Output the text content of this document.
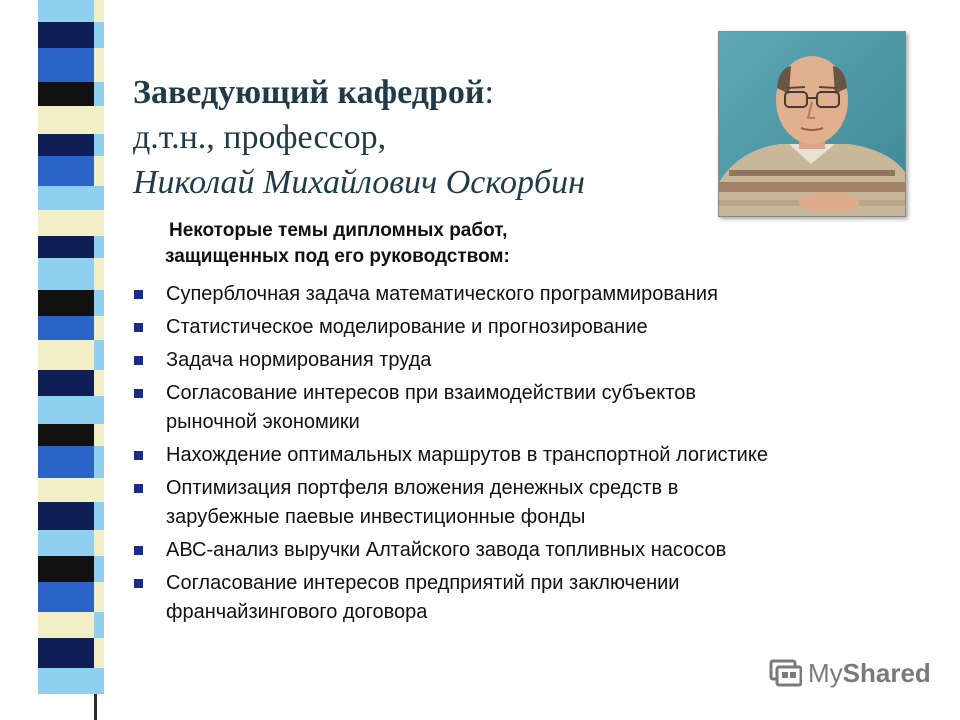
Заведующий кафедрой:
д.т.н., профессор,
Николай Михайлович Оскорбин
Некоторые темы дипломных работ,
защищенных под его руководством:
Суперблочная задача математического программирования
Статистическое моделирование и прогнозирование
Задача нормирования труда
Согласование интересов при взаимодействии субъектов
рыночной экономики
Нахождение оптимальных маршрутов в транспортной логистике
Оптимизация портфеля вложения денежных средств в
зарубежные паевые инвестиционные фонды
АВС-анализ выручки Алтайского завода топливных насосов
Согласование интересов предприятий при заключении
франчайзингового договора
MyShared
